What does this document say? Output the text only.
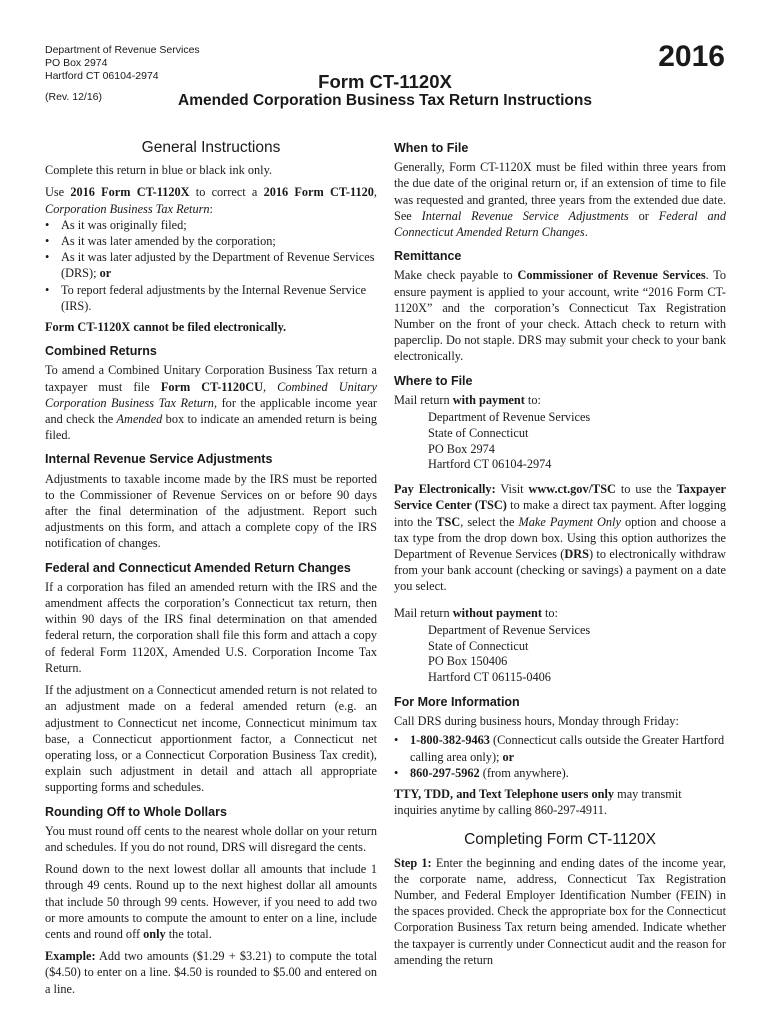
Department of Revenue Services
PO Box 2974
Hartford CT 06104-2974
(Rev. 12/16)
2016
Form CT-1120X
Amended Corporation Business Tax Return Instructions
General Instructions

Complete this return in blue or black ink only.

Use 2016 Form CT-1120X to correct a 2016 Form CT-1120, Corporation Business Tax Return:

• As it was originally filed;
• As it was later amended by the corporation;
• As it was later adjusted by the Department of Revenue Services (DRS); or
• To report federal adjustments by the Internal Revenue Service (IRS).

Form CT-1120X cannot be filed electronically.

Combined Returns

To amend a Combined Unitary Corporation Business Tax return a taxpayer must file Form CT-1120CU, Combined Unitary Corporation Business Tax Return, for the applicable income year and check the Amended box to indicate an amended return is being filed.

Internal Revenue Service Adjustments

Adjustments to taxable income made by the IRS must be reported to the Commissioner of Revenue Services on or before 90 days after the final determination of the adjustment. Report such adjustments on this form, and attach a complete copy of the IRS notification of changes.

Federal and Connecticut Amended Return Changes

If a corporation has filed an amended return with the IRS and the amendment affects the corporation’s Connecticut tax return, then within 90 days of the IRS final determination on that amended federal return, the corporation shall file this form and attach a copy of federal Form 1120X, Amended U.S. Corporation Income Tax Return.

If the adjustment on a Connecticut amended return is not related to an adjustment made on a federal amended return (e.g. an adjustment to Connecticut net income, Connecticut minimum tax base, a Connecticut apportionment factor, a Connecticut net operating loss, or a Connecticut Corporation Business Tax credit), explain such adjustment in detail and attach all appropriate supporting forms and schedules.

Rounding Off to Whole Dollars

You must round off cents to the nearest whole dollar on your return and schedules. If you do not round, DRS will disregard the cents.

Round down to the next lowest dollar all amounts that include 1 through 49 cents. Round up to the next highest dollar all amounts that include 50 through 99 cents. However, if you need to add two or more amounts to compute the amount to enter on a line, include cents and round off only the total.

Example: Add two amounts ($1.29 + $3.21) to compute the total ($4.50) to enter on a line. $4.50 is rounded to $5.00 and entered on a line.

When to File

Generally, Form CT-1120X must be filed within three years from the due date of the original return or, if an extension of time to file was requested and granted, three years from the extended due date. See Internal Revenue Service Adjustments or Federal and Connecticut Amended Return Changes.

Remittance

Make check payable to Commissioner of Revenue Services. To ensure payment is applied to your account, write “2016 Form CT-1120X” and the corporation’s Connecticut Tax Registration Number on the front of your check. Attach check to return with paperclip. Do not staple. DRS may submit your check to your bank electronically.

Where to File

Mail return with payment to:

Department of Revenue Services
State of Connecticut
PO Box 2974
Hartford CT 06104-2974

Pay Electronically: Visit www.ct.gov/TSC to use the Taxpayer Service Center (TSC) to make a direct tax payment. After logging into the TSC, select the Make Payment Only option and choose a tax type from the drop down box. Using this option authorizes the Department of Revenue Services (DRS) to electronically withdraw from your bank account (checking or savings) a payment on a date you select.

Mail return without payment to:

Department of Revenue Services
State of Connecticut
PO Box 150406
Hartford CT 06115-0406
For More Information

Call DRS during business hours, Monday through Friday:

• 1-800-382-9463 (Connecticut calls outside the Greater Hartford calling area only); or
• 860-297-5962 (from anywhere).

TTY, TDD, and Text Telephone users only may transmit inquiries anytime by calling 860-297-4911.

Completing Form CT-1120X

Step 1: Enter the beginning and ending dates of the income year, the corporate name, address, Connecticut Tax Registration Number, and Federal Employer Identification Number (FEIN) in the spaces provided. Check the appropriate box for the Connecticut Corporation Business Tax return being amended. Indicate whether the taxpayer is currently under Connecticut audit and the reason for amending the return
